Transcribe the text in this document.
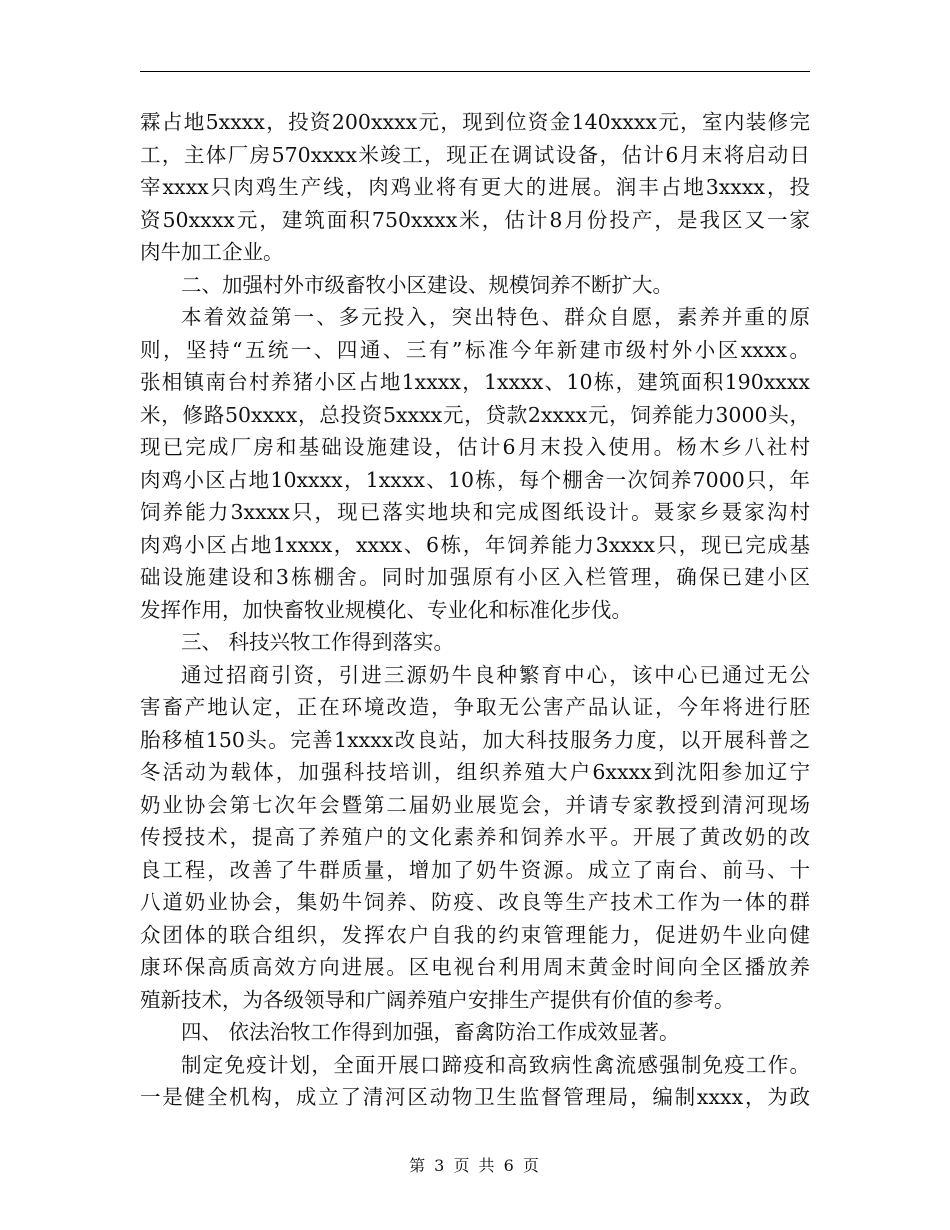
霖占地5xxxx，投资200xxxx元，现到位资金140xxxx元，室内装修完
工，主体厂房570xxxx米竣工，现正在调试设备，估计6月末将启动日
宰xxxx只肉鸡生产线，肉鸡业将有更大的进展。润丰占地3xxxx，投
资50xxxx元，建筑面积750xxxx米，估计8月份投产，是我区又一家
肉牛加工企业。
二、加强村外市级畜牧小区建设、规模饲养不断扩大。
本着效益第一、多元投入，突出特色、群众自愿，素养并重的原
则，坚持“五统一、四通、三有”标准今年新建市级村外小区xxxx。
张相镇南台村养猪小区占地1xxxx，1xxxx、10栋，建筑面积190xxxx
米，修路50xxxx，总投资5xxxx元，贷款2xxxx元，饲养能力3000头，
现已完成厂房和基础设施建设，估计6月末投入使用。杨木乡八社村
肉鸡小区占地10xxxx，1xxxx、10栋，每个棚舍一次饲养7000只，年
饲养能力3xxxx只，现已落实地块和完成图纸设计。聂家乡聂家沟村
肉鸡小区占地1xxxx，xxxx、6栋，年饲养能力3xxxx只，现已完成基
础设施建设和3栋棚舍。同时加强原有小区入栏管理，确保已建小区
发挥作用，加快畜牧业规模化、专业化和标准化步伐。
三、 科技兴牧工作得到落实。
通过招商引资，引进三源奶牛良种繁育中心，该中心已通过无公
害畜产地认定，正在环境改造，争取无公害产品认证，今年将进行胚
胎移植150头。完善1xxxx改良站，加大科技服务力度，以开展科普之
冬活动为载体，加强科技培训，组织养殖大户6xxxx到沈阳参加辽宁
奶业协会第七次年会暨第二届奶业展览会，并请专家教授到清河现场
传授技术，提高了养殖户的文化素养和饲养水平。开展了黄改奶的改
良工程，改善了牛群质量，增加了奶牛资源。成立了南台、前马、十
八道奶业协会，集奶牛饲养、防疫、改良等生产技术工作为一体的群
众团体的联合组织，发挥农户自我的约束管理能力，促进奶牛业向健
康环保高质高效方向进展。区电视台利用周末黄金时间向全区播放养
殖新技术，为各级领导和广阔养殖户安排生产提供有价值的参考。
四、 依法治牧工作得到加强，畜禽防治工作成效显著。
制定免疫计划，全面开展口蹄疫和高致病性禽流感强制免疫工作。
一是健全机构，成立了清河区动物卫生监督管理局，编制xxxx，为政
第 3 页 共 6 页
